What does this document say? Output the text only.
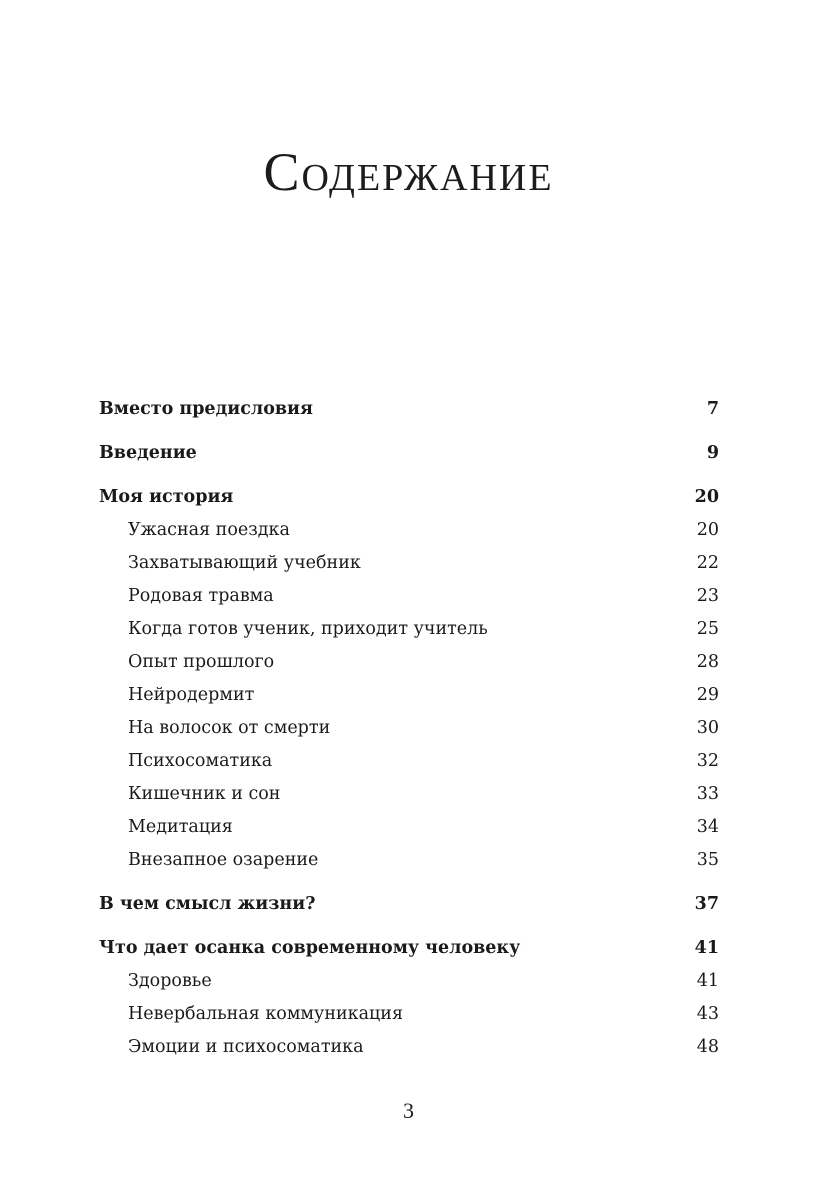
Содержание
Вместо предисловия	7
Введение	9
Моя история	20
Ужасная поездка	20
Захватывающий учебник	22
Родовая травма	23
Когда готов ученик, приходит учитель	25
Опыт прошлого	28
Нейродермит	29
На волосок от смерти	30
Психосоматика	32
Кишечник и сон	33
Медитация	34
Внезапное озарение	35
В чем смысл жизни?	37
Что дает осанка современному человеку	41
Здоровье	41
Невербальная коммуникация	43
Эмоции и психосоматика	48
3
